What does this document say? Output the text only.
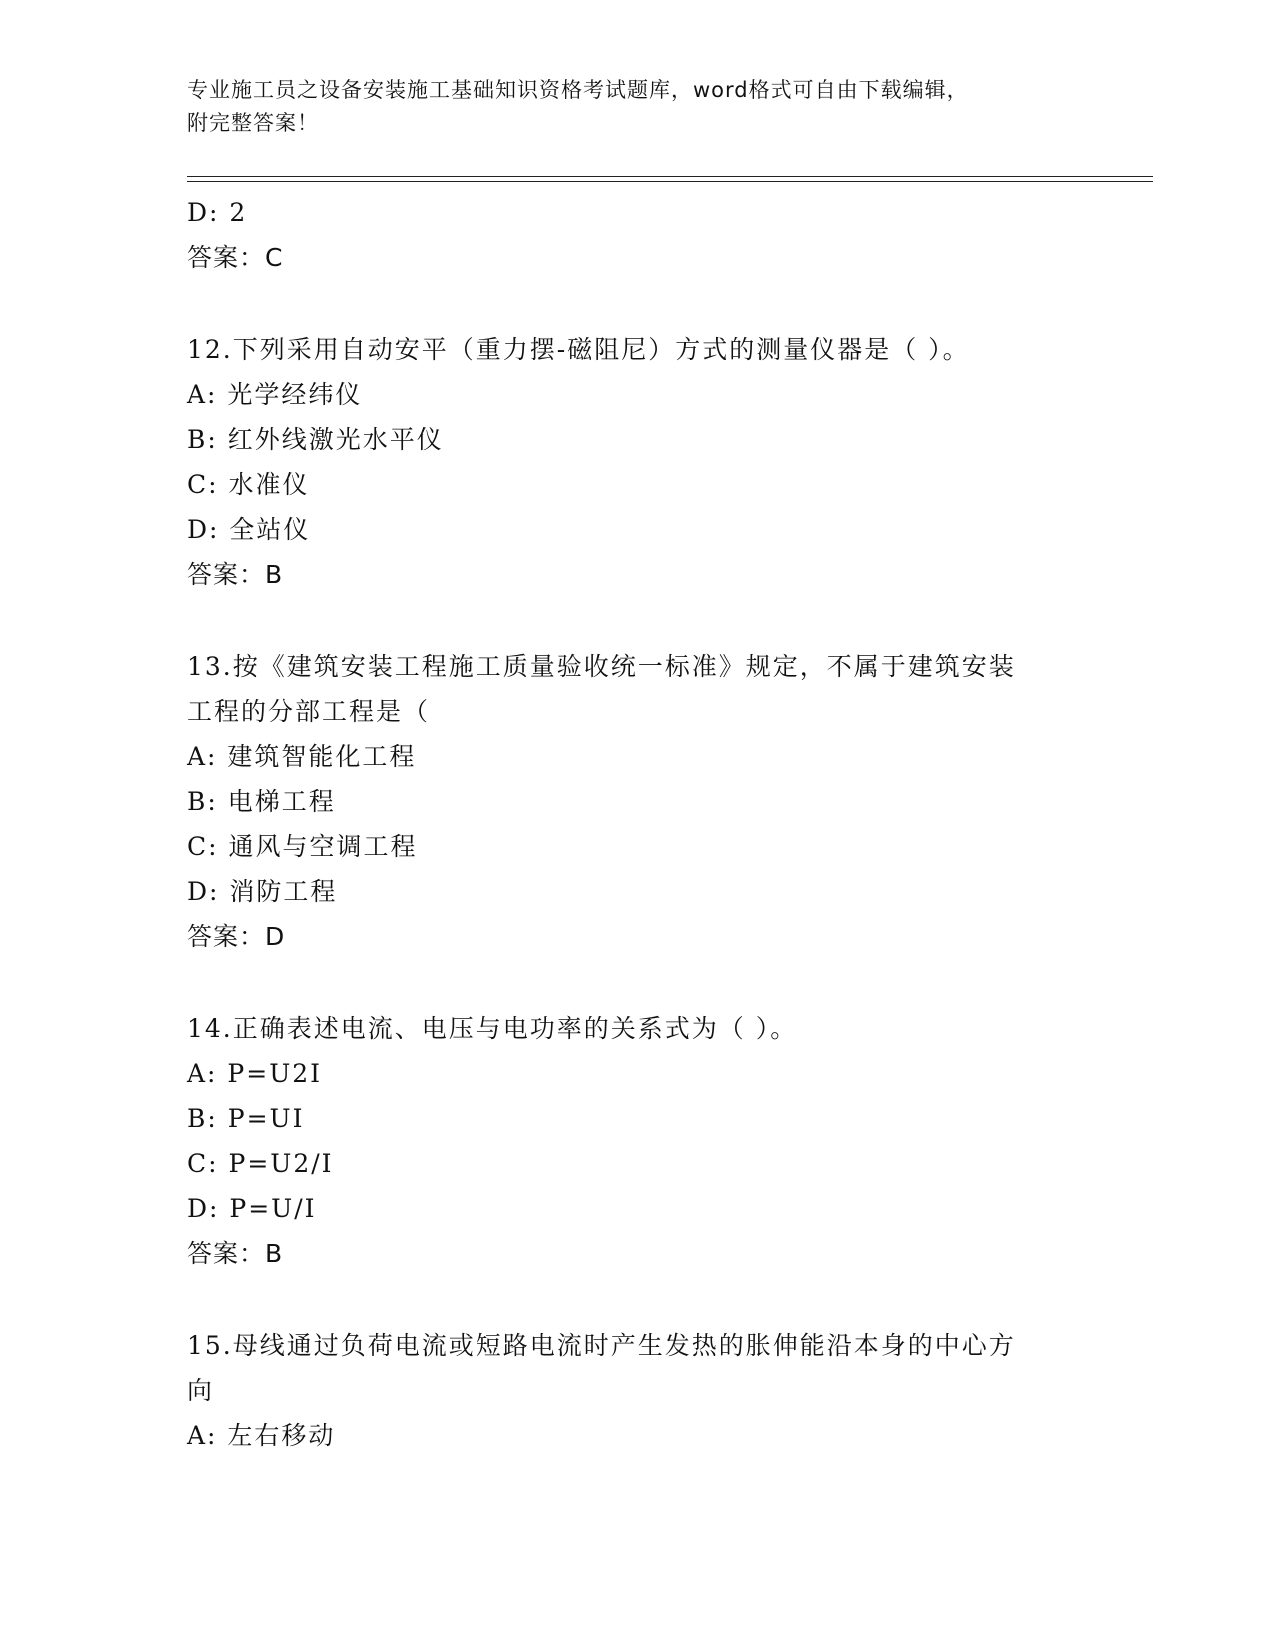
专业施工员之设备安装施工基础知识资格考试题库，word格式可自由下载编辑，
附完整答案！
D: 2
答案：C
12.下列采用自动安平（重力摆-磁阻尼）方式的测量仪器是（ ）。
A: 光学经纬仪
B: 红外线激光水平仪
C: 水准仪
D: 全站仪
答案：B
13.按《建筑安装工程施工质量验收统一标准》规定，不属于建筑安装
工程的分部工程是（
A: 建筑智能化工程
B: 电梯工程
C: 通风与空调工程
D: 消防工程
答案：D
14.正确表述电流、电压与电功率的关系式为（ ）。
A: P=U2I
B: P=UI
C: P=U2/I
D: P=U/I
答案：B
15.母线通过负荷电流或短路电流时产生发热的胀伸能沿本身的中心方
向
A: 左右移动
